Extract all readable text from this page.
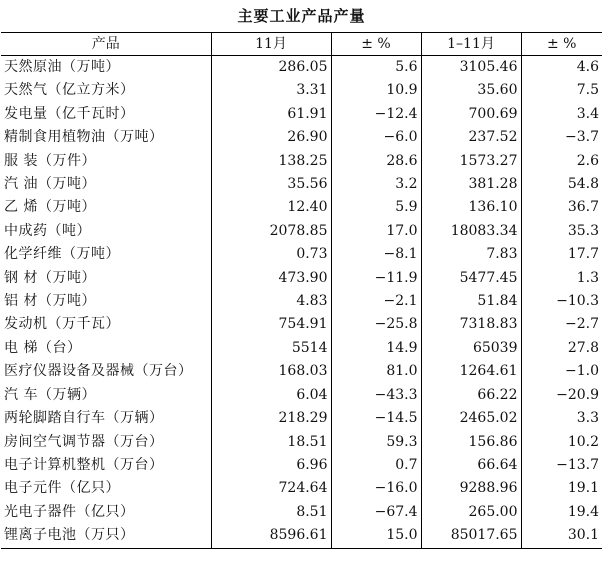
主要工业产品产量
产品	11月	± %	1–11月	± %
天然原油（万吨）	286.05	5.6	3105.46	4.6
天然气（亿立方米）	3.31	10.9	35.60	7.5
发电量（亿千瓦时）	61.91	−12.4	700.69	3.4
精制食用植物油（万吨）	26.90	−6.0	237.52	−3.7
服 装（万件）	138.25	28.6	1573.27	2.6
汽 油（万吨）	35.56	3.2	381.28	54.8
乙 烯（万吨）	12.40	5.9	136.10	36.7
中成药（吨）	2078.85	17.0	18083.34	35.3
化学纤维（万吨）	0.73	−8.1	7.83	17.7
钢 材（万吨）	473.90	−11.9	5477.45	1.3
铝 材（万吨）	4.83	−2.1	51.84	−10.3
发动机（万千瓦）	754.91	−25.8	7318.83	−2.7
电 梯（台）	5514	14.9	65039	27.8
医疗仪器设备及器械（万台）	168.03	81.0	1264.61	−1.0
汽 车（万辆）	6.04	−43.3	66.22	−20.9
两轮脚踏自行车（万辆）	218.29	−14.5	2465.02	3.3
房间空气调节器（万台）	18.51	59.3	156.86	10.2
电子计算机整机（万台）	6.96	0.7	66.64	−13.7
电子元件（亿只）	724.64	−16.0	9288.96	19.1
光电子器件（亿只）	8.51	−67.4	265.00	19.4
锂离子电池（万只）	8596.61	15.0	85017.65	30.1
